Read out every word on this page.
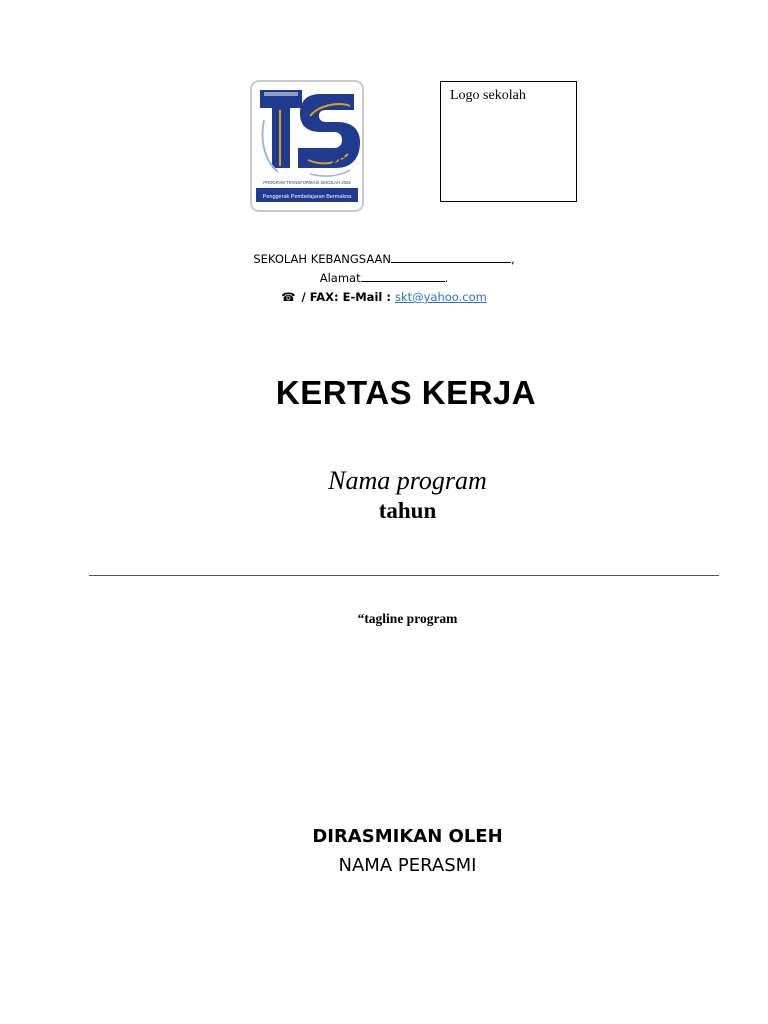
25
PROGRAM TRANSFORMASI SEKOLAH 2025
Penggerak Pembelajaran Bermakna
Logo sekolah
SEKOLAH KEBANGSAAN	,
Alamat	.
☎ / FAX: E-Mail : skt@yahoo.com
KERTAS KERJA
Nama program
tahun
“tagline program
DIRASMIKAN OLEH
NAMA PERASMI
